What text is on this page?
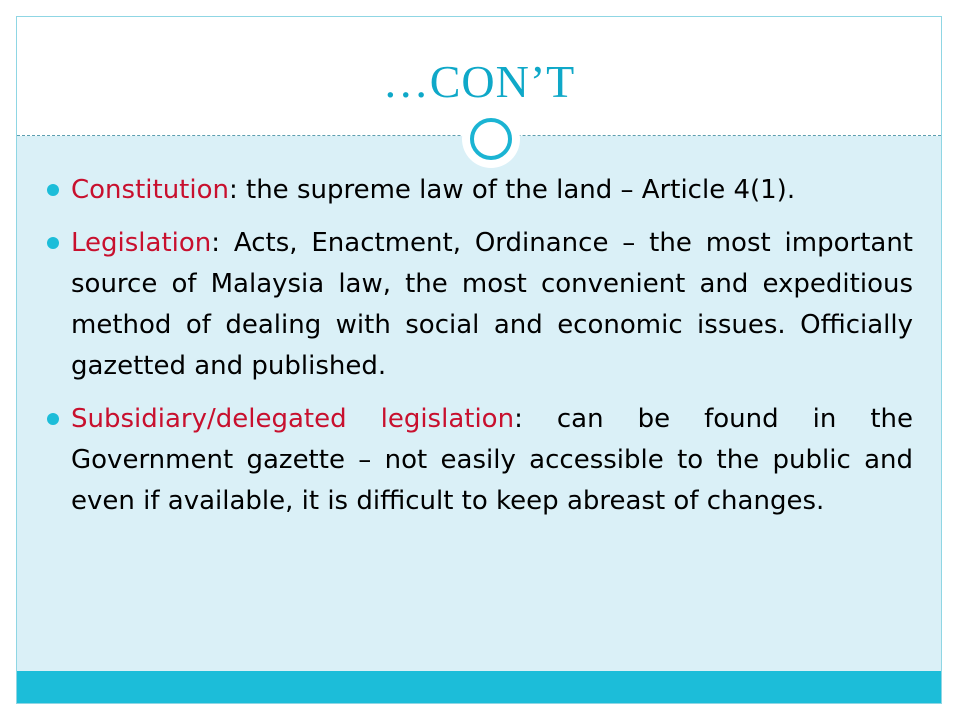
…CON’T
Constitution: the supreme law of the land – Article 4(1).
Legislation: Acts, Enactment, Ordinance – the most important source of Malaysia law, the most convenient and expeditious method of dealing with social and economic issues. Officially gazetted and published.
Subsidiary/delegated legislation: can be found in the Government gazette – not easily accessible to the public and even if available, it is difficult to keep abreast of changes.
